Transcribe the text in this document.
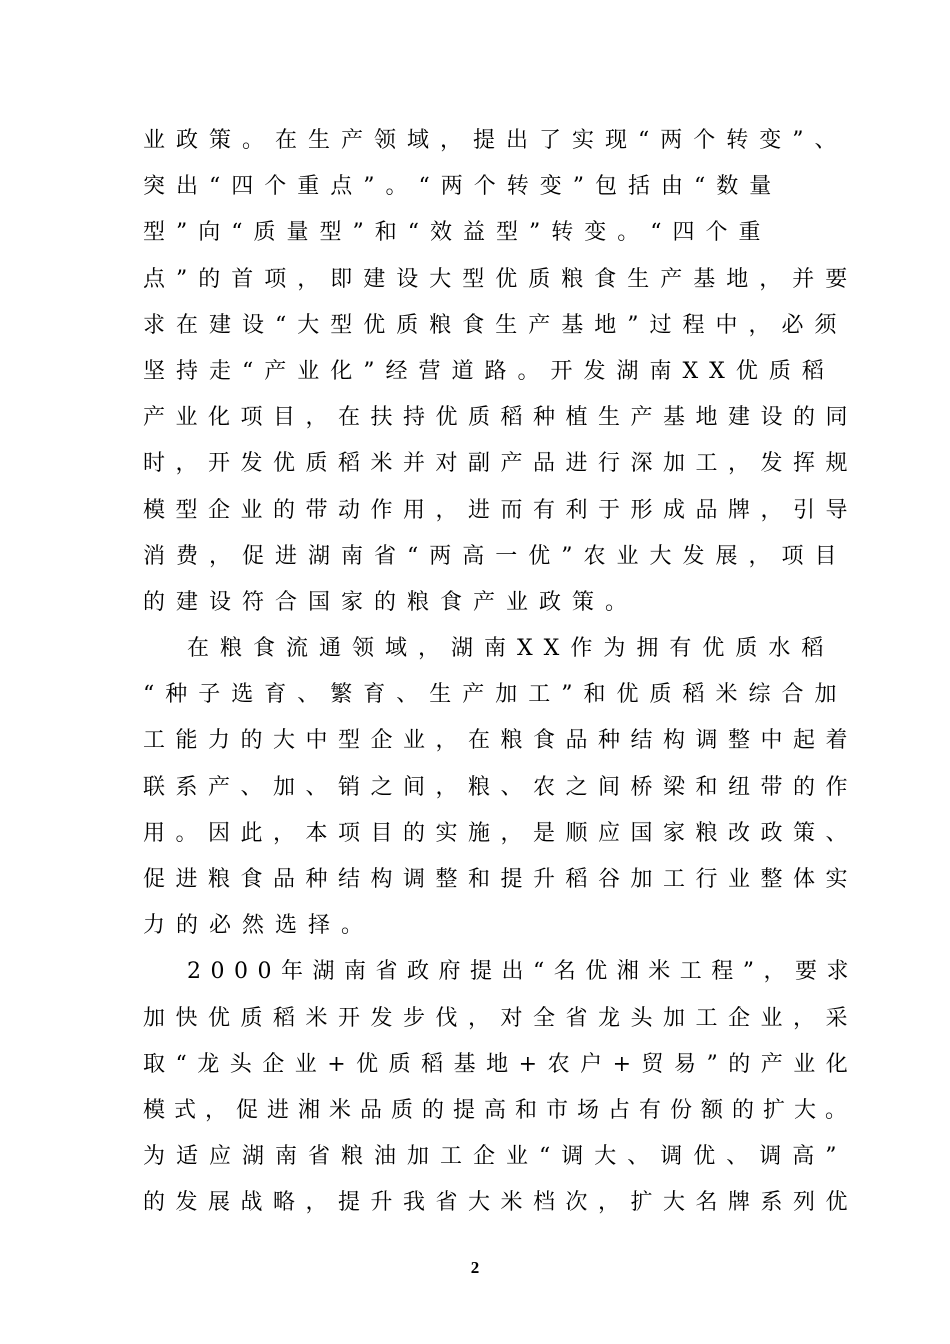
业政策。在生产领域，提出了实现“两个转变”、
突出“四个重点”。“两个转变”包括由“数量
型”向“质量型”和“效益型”转变。“四个重
点”的首项，即建设大型优质粮食生产基地，并要
求在建设“大型优质粮食生产基地”过程中，必须
坚持走“产业化”经营道路。开发湖南XX优质稻
产业化项目，在扶持优质稻种植生产基地建设的同
时，开发优质稻米并对副产品进行深加工，发挥规
模型企业的带动作用，进而有利于形成品牌，引导
消费，促进湖南省“两高一优”农业大发展，项目
的建设符合国家的粮食产业政策。
在粮食流通领域，湖南XX作为拥有优质水稻
“种子选育、繁育、生产加工”和优质稻米综合加
工能力的大中型企业，在粮食品种结构调整中起着
联系产、加、销之间，粮、农之间桥梁和纽带的作
用。因此，本项目的实施，是顺应国家粮改政策、
促进粮食品种结构调整和提升稻谷加工行业整体实
力的必然选择。
2000年湖南省政府提出“名优湘米工程”，要求
加快优质稻米开发步伐，对全省龙头加工企业，采
取“龙头企业+优质稻基地+农户+贸易”的产业化
模式，促进湘米品质的提高和市场占有份额的扩大。
为适应湖南省粮油加工企业“调大、调优、调高”
的发展战略，提升我省大米档次，扩大名牌系列优
2
